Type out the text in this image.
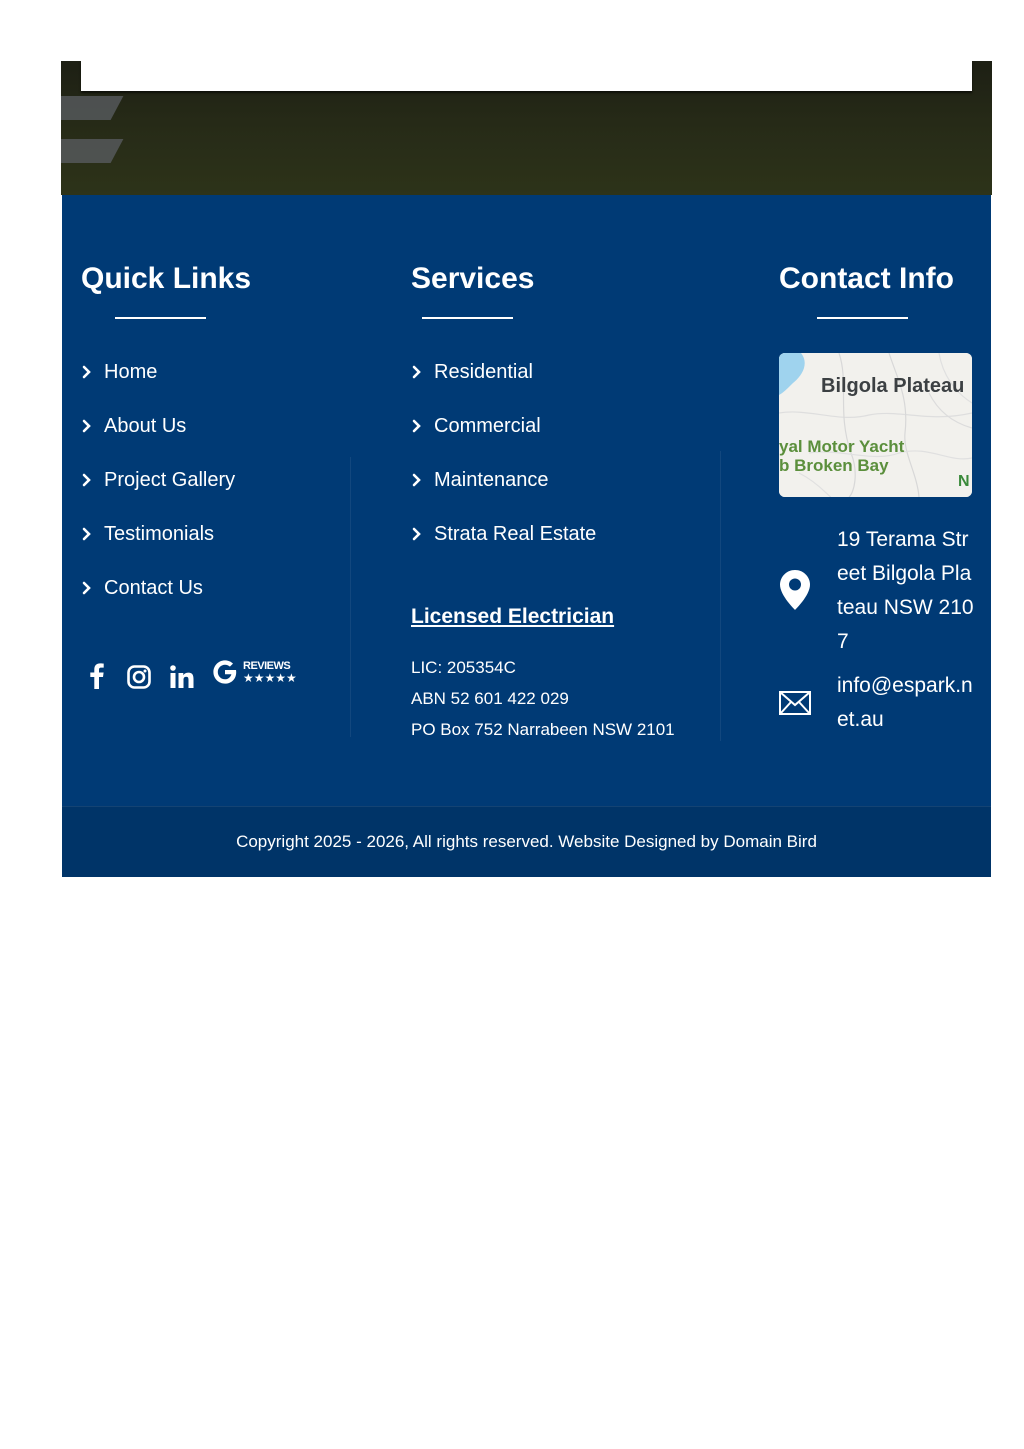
Quick Links
Home
About Us
Project Gallery
Testimonials
Contact Us
REVIEWS
★★★★★
Services
Residential
Commercial
Maintenance
Strata Real Estate
Licensed Electrician
LIC: 205354C
ABN 52 601 422 029
PO Box 752 Narrabeen NSW 2101
Contact Info
Bilgola Plateau
yal Motor Yacht
b Broken Bay
N
19 Terama Street Bilgola Plateau NSW 2107
info@espark.net.au
Copyright 2025 - 2026, All rights reserved. Website Designed by Domain Bird
